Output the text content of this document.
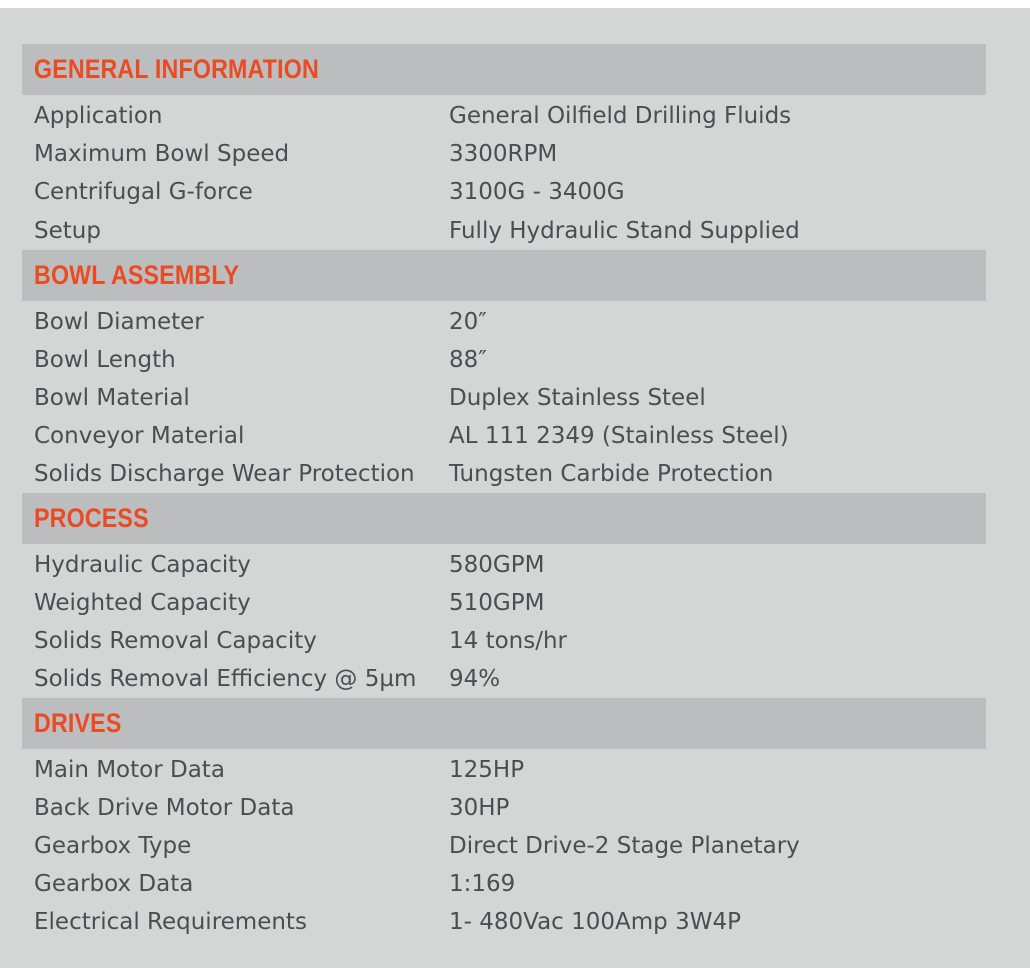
GENERAL INFORMATION
Application	General Oilfield Drilling Fluids
Maximum Bowl Speed	3300RPM
Centrifugal G-force	3100G - 3400G
Setup	Fully Hydraulic Stand Supplied
BOWL ASSEMBLY
Bowl Diameter	20″
Bowl Length	88″
Bowl Material	Duplex Stainless Steel
Conveyor Material	AL 111 2349 (Stainless Steel)
Solids Discharge Wear Protection	Tungsten Carbide Protection
PROCESS
Hydraulic Capacity	580GPM
Weighted Capacity	510GPM
Solids Removal Capacity	14 tons/hr
Solids Removal Efficiency @ 5µm	94%
DRIVES
Main Motor Data	125HP
Back Drive Motor Data	30HP
Gearbox Type	Direct Drive-2 Stage Planetary
Gearbox Data	1:169
Electrical Requirements	1- 480Vac 100Amp 3W4P
